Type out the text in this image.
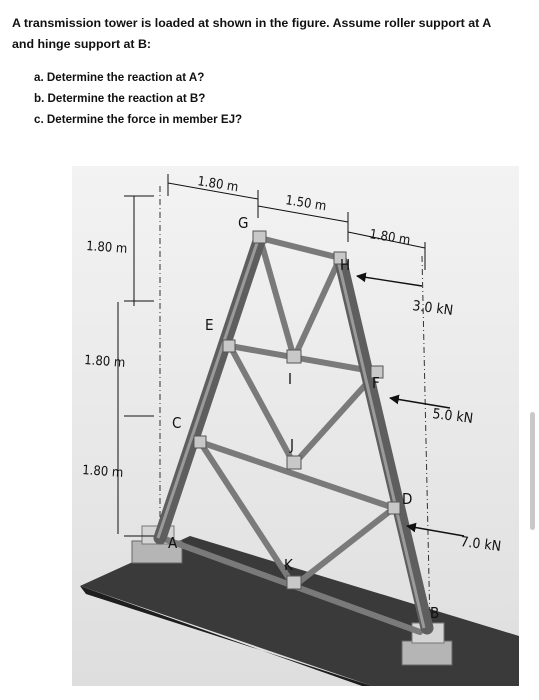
A transmission tower is loaded at shown in the figure. Assume roller support at A and hinge support at B:
a. Determine the reaction at A?
b. Determine the reaction at B?
c. Determine the force in member EJ?
G
H
E
I	F
C
J
D
A
K
B
1.80 m
1.50 m
1.80 m
1.80 m
1.80 m
1.80 m
3.0 kN
5.0 kN
7.0 kN
